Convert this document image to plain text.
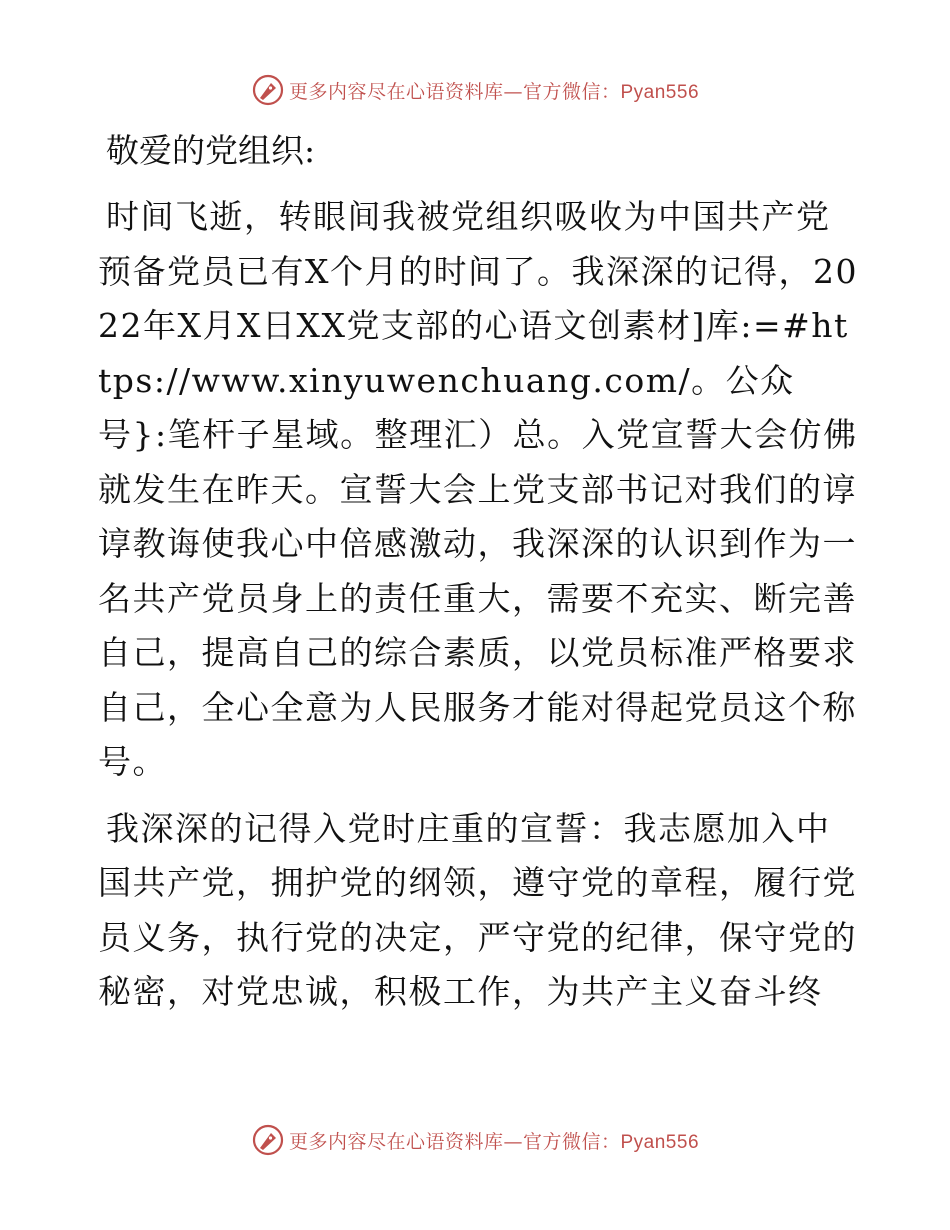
更多内容尽在心语资料库—官方微信：Pyan556
敬爱的党组织:
时间飞逝，转眼间我被党组织吸收为中国共产党预备党员已有X个月的时间了。我深深的记得，2022年X月X日XX党支部的心语文创素材]库:=#https://www.xinyuwenchuang.com/。公众号}:笔杆子星域。整理汇）总。入党宣誓大会仿佛就发生在昨天。宣誓大会上党支部书记对我们的谆谆教诲使我心中倍感激动，我深深的认识到作为一名共产党员身上的责任重大，需要不充实、断完善自己，提高自己的综合素质，以党员标准严格要求自己，全心全意为人民服务才能对得起党员这个称号。
我深深的记得入党时庄重的宣誓：我志愿加入中国共产党，拥护党的纲领，遵守党的章程，履行党员义务，执行党的决定，严守党的纪律，保守党的秘密，对党忠诚，积极工作，为共产主义奋斗终
更多内容尽在心语资料库—官方微信：Pyan556
